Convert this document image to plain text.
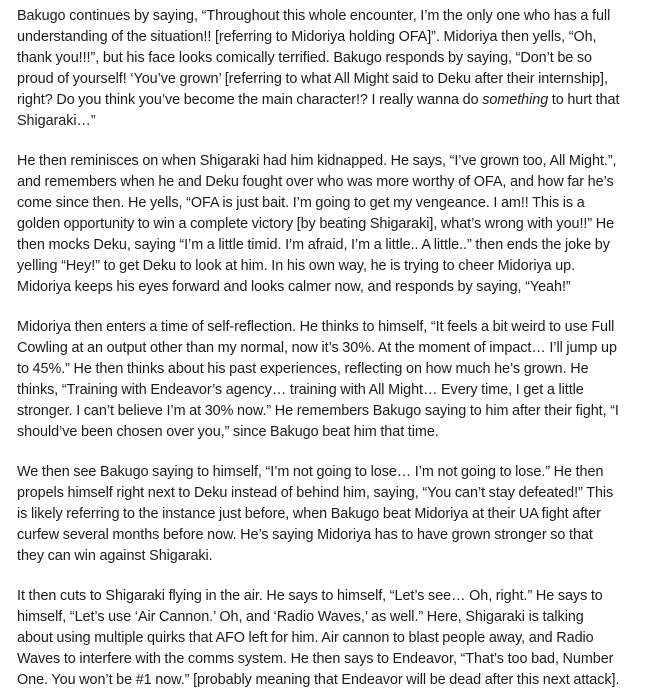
Bakugo continues by saying, “Throughout this whole encounter, I’m the only one who has a full
understanding of the situation!! [referring to Midoriya holding OFA]”. Midoriya then yells, “Oh,
thank you!!!”, but his face looks comically terrified. Bakugo responds by saying, “Don’t be so
proud of yourself! ‘You’ve grown’ [referring to what All Might said to Deku after their internship],
right? Do you think you’ve become the main character!? I really wanna do something to hurt that
Shigaraki…”

He then reminisces on when Shigaraki had him kidnapped. He says, “I’ve grown too, All Might.”,
and remembers when he and Deku fought over who was more worthy of OFA, and how far he’s
come since then. He yells, “OFA is just bait. I’m going to get my vengeance. I am!! This is a
golden opportunity to win a complete victory [by beating Shigaraki], what’s wrong with you!!” He
then mocks Deku, saying “I’m a little timid. I’m afraid, I’m a little.. A little..” then ends the joke by
yelling “Hey!” to get Deku to look at him. In his own way, he is trying to cheer Midoriya up.
Midoriya keeps his eyes forward and looks calmer now, and responds by saying, “Yeah!”

Midoriya then enters a time of self-reflection. He thinks to himself, “It feels a bit weird to use Full
Cowling at an output other than my normal, now it’s 30%. At the moment of impact… I’ll jump up
to 45%.” He then thinks about his past experiences, reflecting on how much he’s grown. He
thinks, “Training with Endeavor’s agency… training with All Might… Every time, I get a little
stronger. I can’t believe I’m at 30% now.” He remembers Bakugo saying to him after their fight, “I
should’ve been chosen over you,” since Bakugo beat him that time.

We then see Bakugo saying to himself, “I’m not going to lose… I’m not going to lose.” He then
propels himself right next to Deku instead of behind him, saying, “You can’t stay defeated!” This
is likely referring to the instance just before, when Bakugo beat Midoriya at their UA fight after
curfew several months before now. He’s saying Midoriya has to have grown stronger so that
they can win against Shigaraki.

It then cuts to Shigaraki flying in the air. He says to himself, “Let’s see… Oh, right.” He says to
himself, “Let’s use ‘Air Cannon.’ Oh, and ‘Radio Waves,’ as well.” Here, Shigaraki is talking
about using multiple quirks that AFO left for him. Air cannon to blast people away, and Radio
Waves to interfere with the comms system. He then says to Endeavor, “That’s too bad, Number
One. You won’t be #1 now.” [probably meaning that Endeavor will be dead after this next attack].
